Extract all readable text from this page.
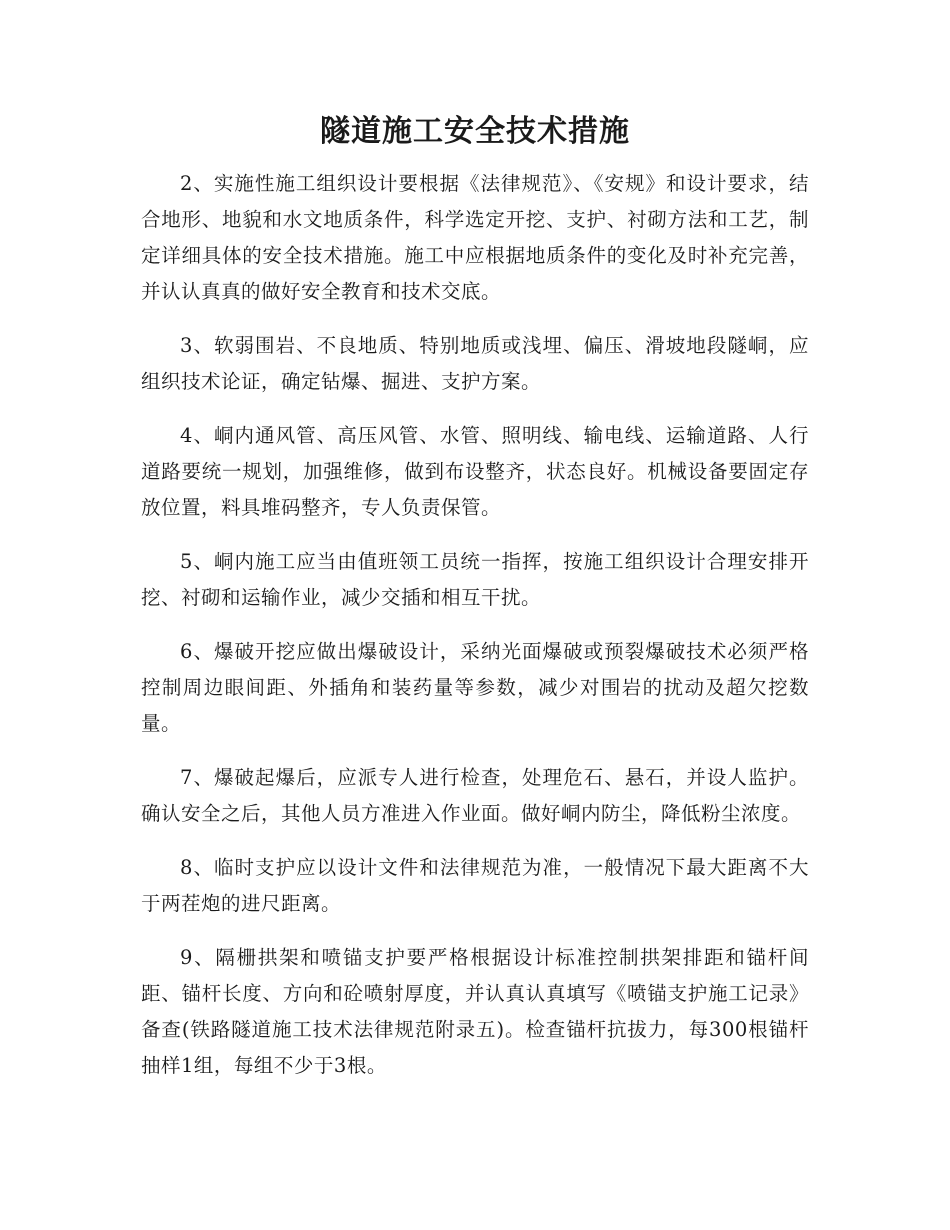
隧道施工安全技术措施

2、实施性施工组织设计要根据《法律规范》、《安规》和设计要求，结合地形、地貌和水文地质条件，科学选定开挖、支护、衬砌方法和工艺，制定详细具体的安全技术措施。施工中应根据地质条件的变化及时补充完善，并认认真真的做好安全教育和技术交底。

3、软弱围岩、不良地质、特别地质或浅埋、偏压、滑坡地段隧峒，应组织技术论证，确定钻爆、掘进、支护方案。

4、峒内通风管、高压风管、水管、照明线、输电线、运输道路、人行道路要统一规划，加强维修，做到布设整齐，状态良好。机械设备要固定存放位置，料具堆码整齐，专人负责保管。

5、峒内施工应当由值班领工员统一指挥，按施工组织设计合理安排开挖、衬砌和运输作业，减少交插和相互干扰。

6、爆破开挖应做出爆破设计，采纳光面爆破或预裂爆破技术必须严格控制周边眼间距、外插角和装药量等参数，减少对围岩的扰动及超欠挖数量。

7、爆破起爆后，应派专人进行检查，处理危石、悬石，并设人监护。确认安全之后，其他人员方准进入作业面。做好峒内防尘，降低粉尘浓度。

8、临时支护应以设计文件和法律规范为准，一般情况下最大距离不大于两茬炮的进尺距离。

9、隔栅拱架和喷锚支护要严格根据设计标准控制拱架排距和锚杆间距、锚杆长度、方向和砼喷射厚度，并认真认真填写《喷锚支护施工记录》备查(铁路隧道施工技术法律规范附录五)。检查锚杆抗拔力，每300根锚杆抽样1组，每组不少于3根。
